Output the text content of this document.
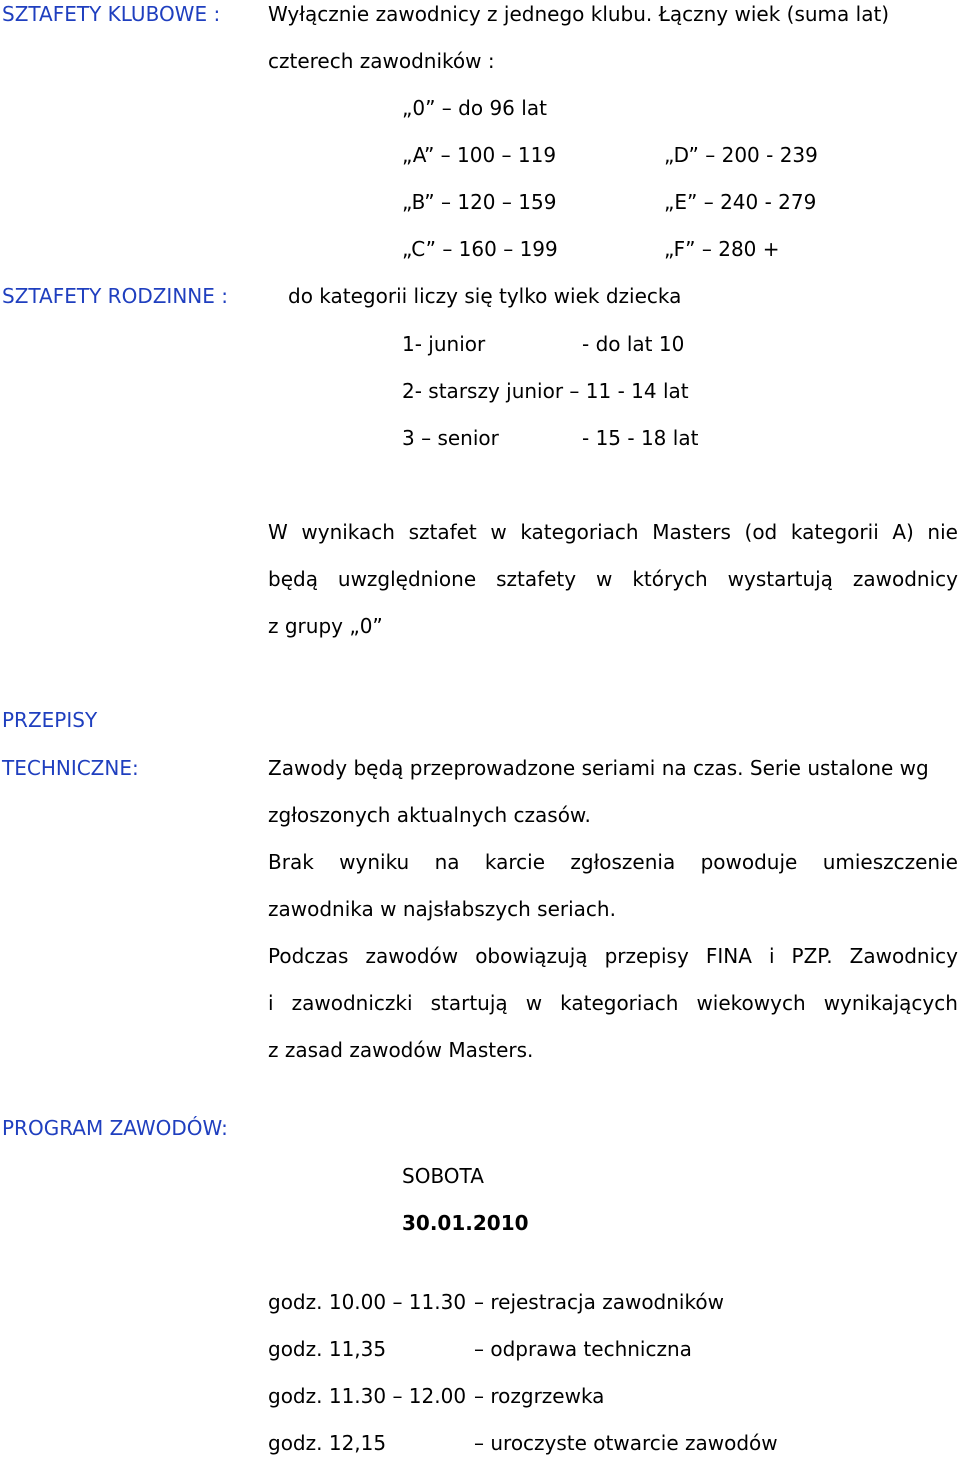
SZTAFETY KLUBOWE : Wyłącznie zawodnicy z jednego klubu. Łączny wiek (suma lat)
czterech zawodników :
„0” – do 96 lat
„A” – 100 – 119	„D” – 200 - 239
„B” – 120 – 159	„E” – 240 - 279
„C” – 160 – 199	„F” – 280 +
SZTAFETY RODZINNE :	do kategorii liczy się tylko wiek dziecka
1- junior	- do lat 10
2- starszy junior – 11 - 14 lat
3 – senior	- 15 - 18 lat
W wynikach sztafet w kategoriach Masters (od kategorii A) nie
będą uwzględnione sztafety w których wystartują zawodnicy
z grupy „0”
PRZEPISY
TECHNICZNE:	Zawody będą przeprowadzone seriami na czas. Serie ustalone wg
zgłoszonych aktualnych czasów.
Brak wyniku na karcie zgłoszenia powoduje umieszczenie
zawodnika w najsłabszych seriach.
Podczas zawodów obowiązują przepisy FINA i PZP. Zawodnicy
i zawodniczki startują w kategoriach wiekowych wynikających
z zasad zawodów Masters.
PROGRAM ZAWODÓW:
SOBOTA
30.01.2010
godz. 10.00 – 11.30 – rejestracja zawodników
godz. 11,35	– odprawa techniczna
godz. 11.30 – 12.00 – rozgrzewka
godz. 12,15	– uroczyste otwarcie zawodów
